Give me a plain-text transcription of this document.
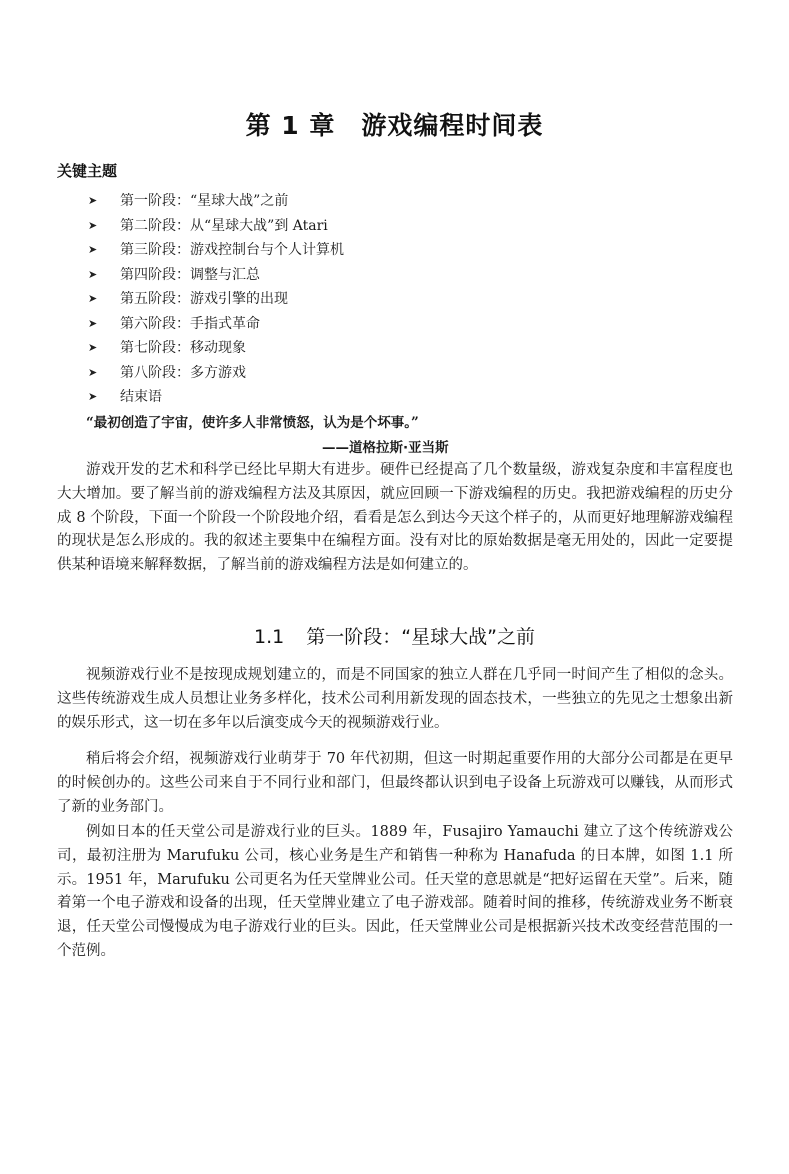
第 1 章 游戏编程时间表
关键主题
➤	第一阶段：“星球大战”之前
➤	第二阶段：从“星球大战”到 Atari
➤	第三阶段：游戏控制台与个人计算机
➤	第四阶段：调整与汇总
➤	第五阶段：游戏引擎的出现
➤	第六阶段：手指式革命
➤	第七阶段：移动现象
➤	第八阶段：多方游戏
➤	结束语
“最初创造了宇宙，使许多人非常愤怒，认为是个坏事。”
——道格拉斯·亚当斯

游戏开发的艺术和科学已经比早期大有进步。硬件已经提高了几个数量级，游戏复杂度和丰富程度也大大增加。要了解当前的游戏编程方法及其原因，就应回顾一下游戏编程的历史。我把游戏编程的历史分成 8 个阶段，下面一个阶段一个阶段地介绍，看看是怎么到达今天这个样子的，从而更好地理解游戏编程的现状是怎么形成的。我的叙述主要集中在编程方面。没有对比的原始数据是毫无用处的，因此一定要提供某种语境来解释数据，了解当前的游戏编程方法是如何建立的。

1.1 第一阶段：“星球大战”之前

视频游戏行业不是按现成规划建立的，而是不同国家的独立人群在几乎同一时间产生了相似的念头。这些传统游戏生成人员想让业务多样化，技术公司利用新发现的固态技术，一些独立的先见之士想象出新的娱乐形式，这一切在多年以后演变成今天的视频游戏行业。

稍后将会介绍，视频游戏行业萌芽于 70 年代初期，但这一时期起重要作用的大部分公司都是在更早的时候创办的。这些公司来自于不同行业和部门，但最终都认识到电子设备上玩游戏可以赚钱，从而形式了新的业务部门。

例如日本的任天堂公司是游戏行业的巨头。1889 年，Fusajiro Yamauchi 建立了这个传统游戏公司，最初注册为 Marufuku 公司，核心业务是生产和销售一种称为 Hanafuda 的日本牌，如图 1.1 所示。1951 年，Marufuku 公司更名为任天堂牌业公司。任天堂的意思就是“把好运留在天堂”。后来，随着第一个电子游戏和设备的出现，任天堂牌业建立了电子游戏部。随着时间的推移，传统游戏业务不断衰退，任天堂公司慢慢成为电子游戏行业的巨头。因此，任天堂牌业公司是根据新兴技术改变经营范围的一个范例。
